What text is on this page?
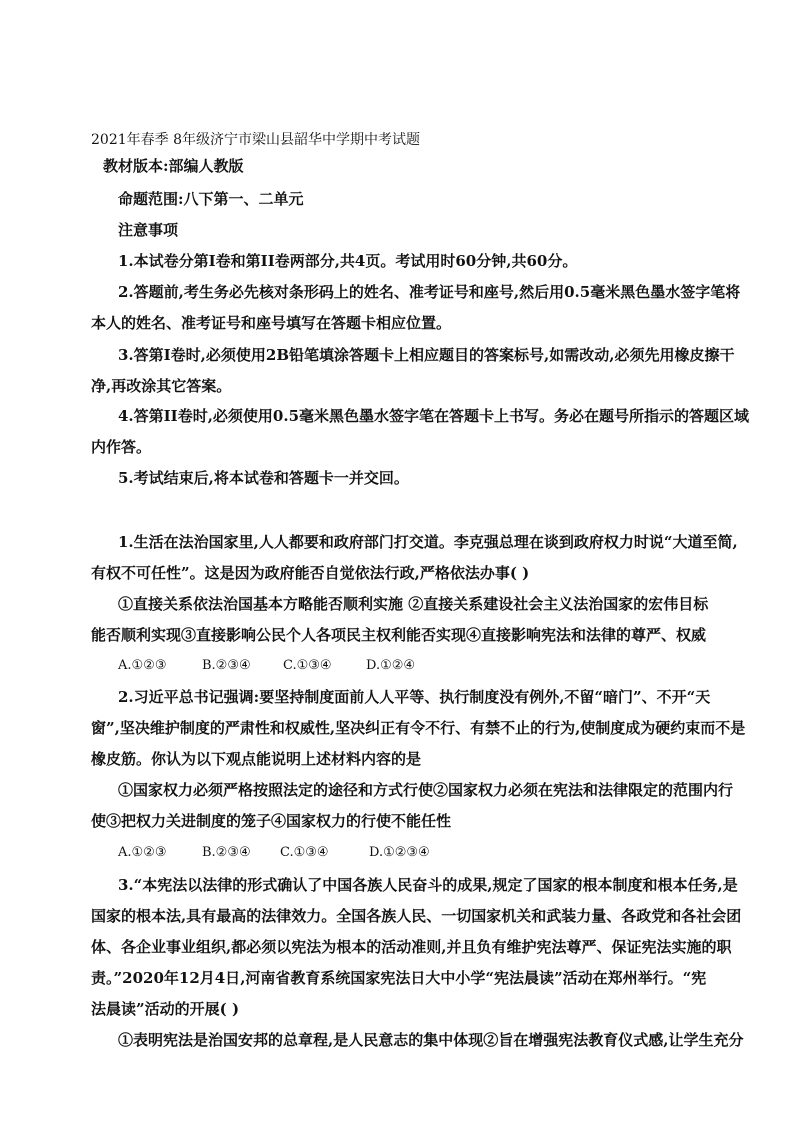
2021年春季 8年级济宁市梁山县韶华中学期中考试题
教材版本:部编人教版
命题范围:八下第一、二单元
注意事项
1.本试卷分第I卷和第II卷两部分,共4页。考试用时60分钟,共60分。
2.答题前,考生务必先核对条形码上的姓名、准考证号和座号,然后用0.5毫米黑色墨水签字笔将
本人的姓名、准考证号和座号填写在答题卡相应位置。
3.答第I卷时,必须使用2B铅笔填涂答题卡上相应题目的答案标号,如需改动,必须先用橡皮擦干
净,再改涂其它答案。
4.答第II卷时,必须使用0.5毫米黑色墨水签字笔在答题卡上书写。务必在题号所指示的答题区域
内作答。
5.考试结束后,将本试卷和答题卡一并交回。
1.生活在法治国家里,人人都要和政府部门打交道。李克强总理在谈到政府权力时说“大道至简,
有权不可任性”。这是因为政府能否自觉依法行政,严格依法办事( )
①直接关系依法治国基本方略能否顺利实施 ②直接关系建设社会主义法治国家的宏伟目标
能否顺利实现③直接影响公民个人各项民主权利能否实现④直接影响宪法和法律的尊严、权威
A.①②③	B.②③④ C.①③④	D.①②④
2.习近平总书记强调:要坚持制度面前人人平等、执行制度没有例外,不留“暗门”、不开“天
窗”,坚决维护制度的严肃性和权威性,坚决纠正有令不行、有禁不止的行为,使制度成为硬约束而不是
橡皮筋。你认为以下观点能说明上述材料内容的是
①国家权力必须严格按照法定的途径和方式行使②国家权力必须在宪法和法律限定的范围内行
使③把权力关进制度的笼子④国家权力的行使不能任性
A.①②③	B.②③④ C.①③④	D.①②③④
3.“本宪法以法律的形式确认了中国各族人民奋斗的成果,规定了国家的根本制度和根本任务,是
国家的根本法,具有最高的法律效力。全国各族人民、一切国家机关和武装力量、各政党和各社会团
体、各企业事业组织,都必须以宪法为根本的活动准则,并且负有维护宪法尊严、保证宪法实施的职
责。”2020年12月4日,河南省教育系统国家宪法日大中小学“宪法晨读”活动在郑州举行。“宪
法晨读”活动的开展( )
①表明宪法是治国安邦的总章程,是人民意志的集中体现②旨在增强宪法教育仪式感,让学生充分
